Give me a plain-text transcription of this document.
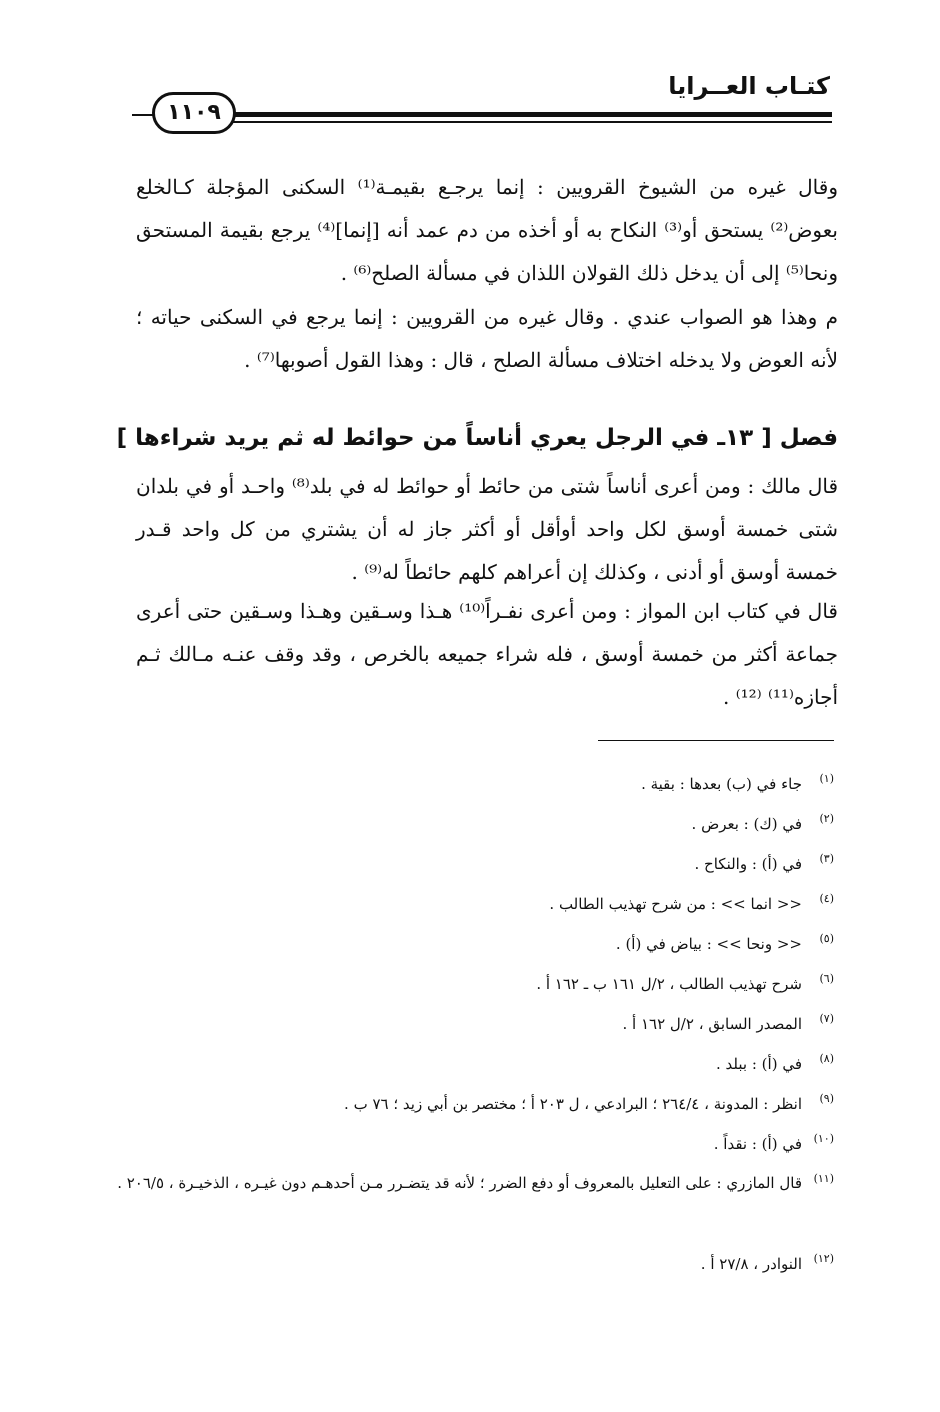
كتـاب العــرايا
١١٠٩
وقال غيره من الشيوخ القرويين : إنما يرجـع بقيمـة⁽¹⁾ السكنى المؤجلة كـالخلع بعوض⁽²⁾ يستحق أو⁽³⁾ النكاح به أو أخذه من دم عمد أنه [إنما]⁽⁴⁾ يرجع بقيمة المستحق ونحا⁽⁵⁾ إلى أن يدخل ذلك القولان اللذان في مسألة الصلح⁽⁶⁾ .
م وهذا هو الصواب عندي . وقال غيره من القرويين : إنما يرجع في السكنى حياته ؛ لأنه العوض ولا يدخله اختلاف مسألة الصلح ، قال : وهذا القول أصوبها⁽⁷⁾ .
فصل [ ١٣ـ في الرجل يعري أناساً من حوائط له ثم يريد شراءها ]
قال مالك : ومن أعرى أناساً شتى من حائط أو حوائط له في بلد⁽⁸⁾ واحـد أو في بلدان شتى خمسة أوسق لكل واحد أوأقل أو أكثر جاز له أن يشتري من كل واحد قـدر خمسة أوسق أو أدنى ، وكذلك إن أعراهم كلهم حائطاً له⁽⁹⁾ .
قال في كتاب ابن المواز : ومن أعرى نفـراً⁽¹⁰⁾ هـذا وسـقين وهـذا وسـقين حتى أعرى جماعة أكثر من خمسة أوسق ، فله شراء جميعه بالخرص ، وقد وقف عنـه مـالك ثـم أجازه⁽¹¹⁾ ⁽¹²⁾ .
(١)
جاء في (ب) بعدها : بقية .
(٢)
في (ك) : بعرض .
(٣)
في (أ) : والنكاح .
(٤)
<< انما >> : من شرح تهذيب الطالب .
(٥)
<< ونحا >> : بياض في (أ) .
(٦)
شرح تهذيب الطالب ، ٢/ل ١٦١ ب ـ ١٦٢ أ .
(٧)
المصدر السابق ، ٢/ل ١٦٢ أ .
(٨)
في (أ) : ببلد .
(٩)
انظر : المدونة ، ٢٦٤/٤ ؛ البرادعي ، ل ٢٠٣ أ ؛ مختصر بن أبي زيد ؛ ٧٦ ب .
(١٠)
في (أ) : نقداً .
(١١)
قال المازري : على التعليل بالمعروف أو دفع الضرر ؛ لأنه قد يتضـرر مـن أحدهـم دون غيـره ، الذخيـرة ، ٢٠٦/٥ .
(١٢)
النوادر ، ٢٧/٨ أ .
